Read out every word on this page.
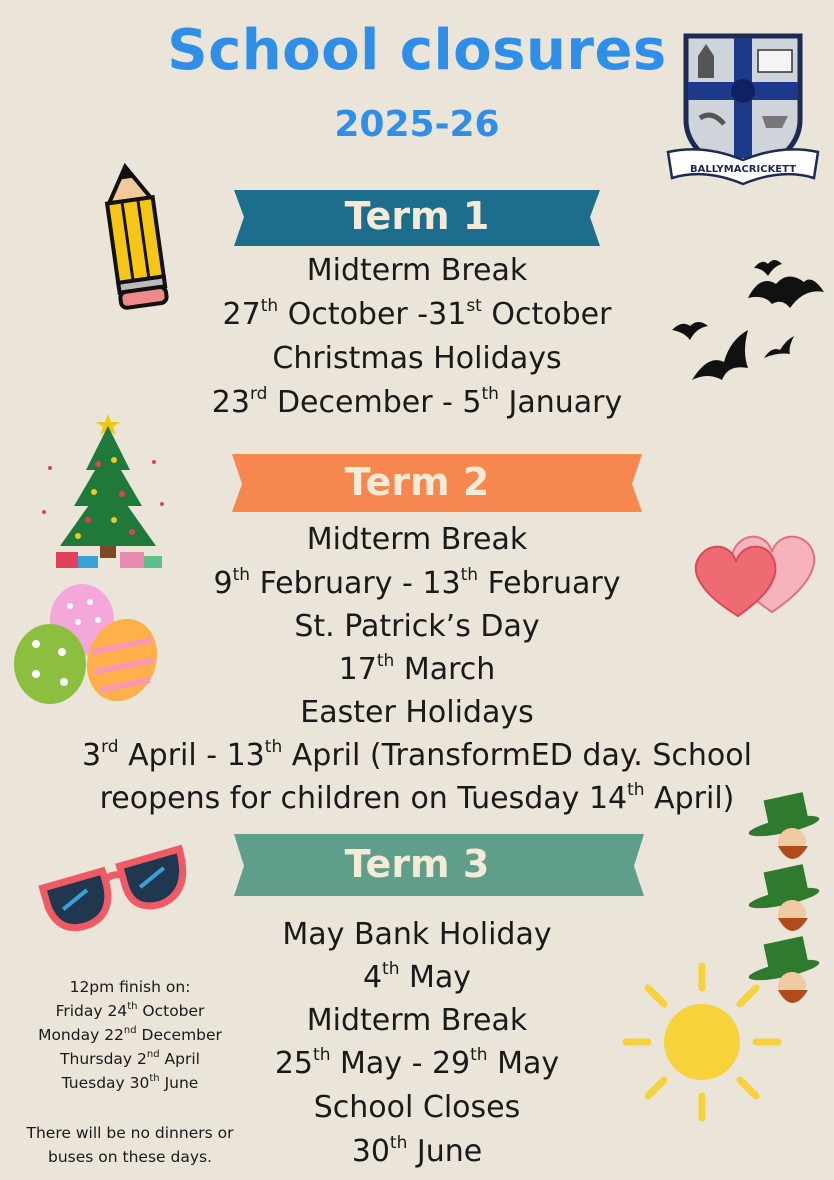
School closures
2025-26
BALLYMACRICKETT
Term 1
Midterm Break
27th October -31st October
Christmas Holidays
23rd December - 5th January
Term 2
Midterm Break
9th February - 13th February
St. Patrick’s Day
17th March
Easter Holidays
3rd April - 13th April (TransformED day. School
reopens for children on Tuesday 14th April)
Term 3
May Bank Holiday
4th May
Midterm Break
25th May - 29th May
School Closes
30th June
12pm finish on:
Friday 24th October
Monday 22nd December
Thursday 2nd April
Tuesday 30th June
There will be no dinners or
buses on these days.
